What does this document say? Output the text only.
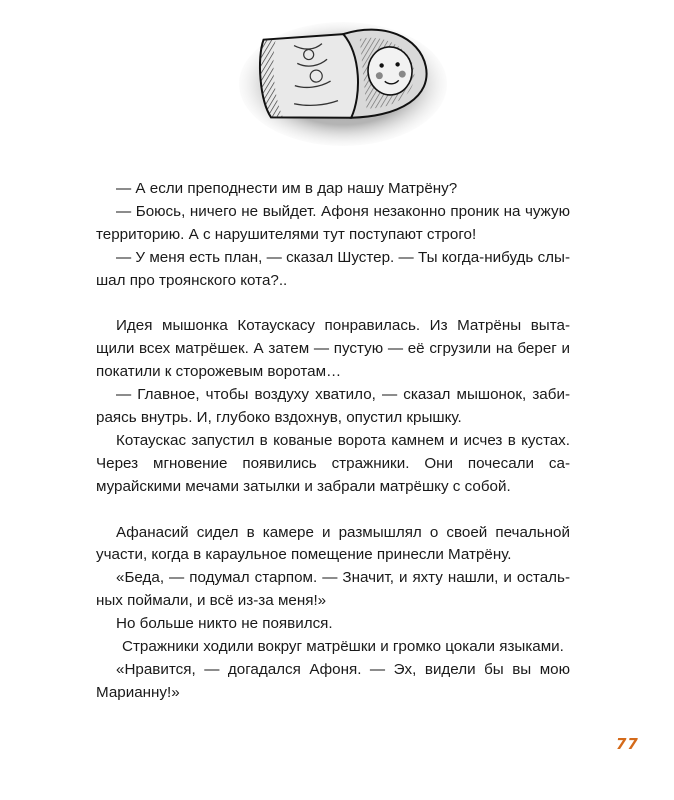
— А если преподнести им в дар нашу Матрёну?

— Боюсь, ничего не выйдет. Афоня незаконно проник на чужую территорию. А с нарушителями тут поступают строго!

— У меня есть план, — сказал Шустер. — Ты когда-нибудь слышал про троянского кота?..

Идея мышонка Котаускасу понравилась. Из Матрёны вытащили всех матрёшек. А затем — пустую — её сгрузили на берег и покатили к сторожевым воротам…

— Главное, чтобы воздуху хватило, — сказал мышонок, забираясь внутрь. И, глубоко вздохнув, опустил крышку.

Котаускас запустил в кованые ворота камнем и исчез в кустах. Через мгновение появились стражники. Они почесали самурайскими мечами затылки и забрали матрёшку с собой.

Афанасий сидел в камере и размышлял о своей печальной участи, когда в караульное помещение принесли Матрёну.

«Беда, — подумал старпом. — Значит, и яхту нашли, и остальных поймали, и всё из-за меня!»

Но больше никто не появился.

Стражники ходили вокруг матрёшки и громко цокали языками.

«Нравится, — догадался Афоня. — Эх, видели бы вы мою Марианну!»

77
